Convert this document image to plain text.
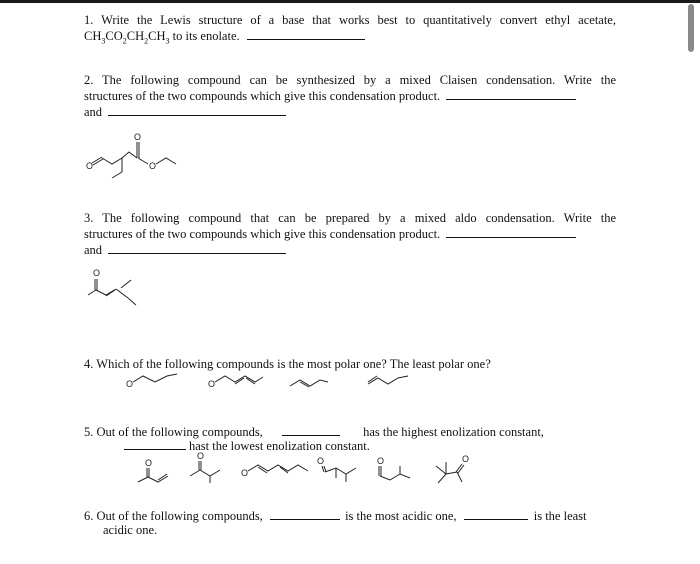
1. Write the Lewis structure of a base that works best to quantitatively convert ethyl acetate,
$CH_3CO_2CH_2CH_3$ to its enolate.
2. The following compound can be synthesized by a mixed Claisen condensation. Write the
structures of the two compounds which give this condensation product.
and
O
O
O
3. The following compound that can be prepared by a mixed aldo condensation. Write the
structures of the two compounds which give this condensation product.
and
O
4. Which of the following compounds is the most polar one? The least polar one?
O	O
5. Out of the following compounds,	has the highest enolization constant,
hast the lowest enolization constant.
O
O
O
O	O	O
6. Out of the following compounds,	is the most acidic one,	is the least
acidic one.
